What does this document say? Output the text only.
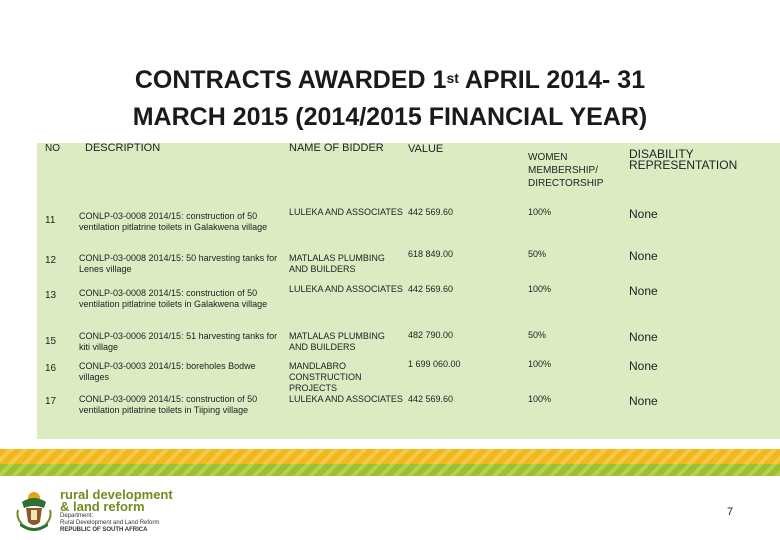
CONTRACTS AWARDED 1st APRIL 2014- 31
MARCH 2015 (2014/2015 FINANCIAL YEAR)
NO	DESCRIPTION	NAME OF BIDDER	VALUE	WOMEN MEMBERSHIP/ DIRECTORSHIP	DISABILITY REPRESENTATION
11	CONLP-03-0008 2014/15: construction of 50 ventilation pitlatrine toilets in Galakwena village	LULEKA AND ASSOCIATES	442 569.60	100%	None
12	CONLP-03-0008 2014/15: 50 harvesting tanks for Lenes village	MATLALAS PLUMBING AND BUILDERS	618 849.00	50%	None
13	CONLP-03-0008 2014/15: construction of 50 ventilation pitlatrine toilets in Galakwena village	LULEKA AND ASSOCIATES	442 569.60	100%	None
15	CONLP-03-0006 2014/15: 51 harvesting tanks for kiti village	MATLALAS PLUMBING AND BUILDERS	482 790.00	50%	None
16	CONLP-03-0003 2014/15: boreholes Bodwe villages	MANDLABRO CONSTRUCTION PROJECTS	1 699 060.00	100%	None
17	CONLP-03-0009 2014/15: construction of 50 ventilation pitlatrine toilets in Tiiping village	LULEKA AND ASSOCIATES	442 569.60	100%	None
rural development
& land reform
Department:
Rural Development and Land Reform
REPUBLIC OF SOUTH AFRICA
7
